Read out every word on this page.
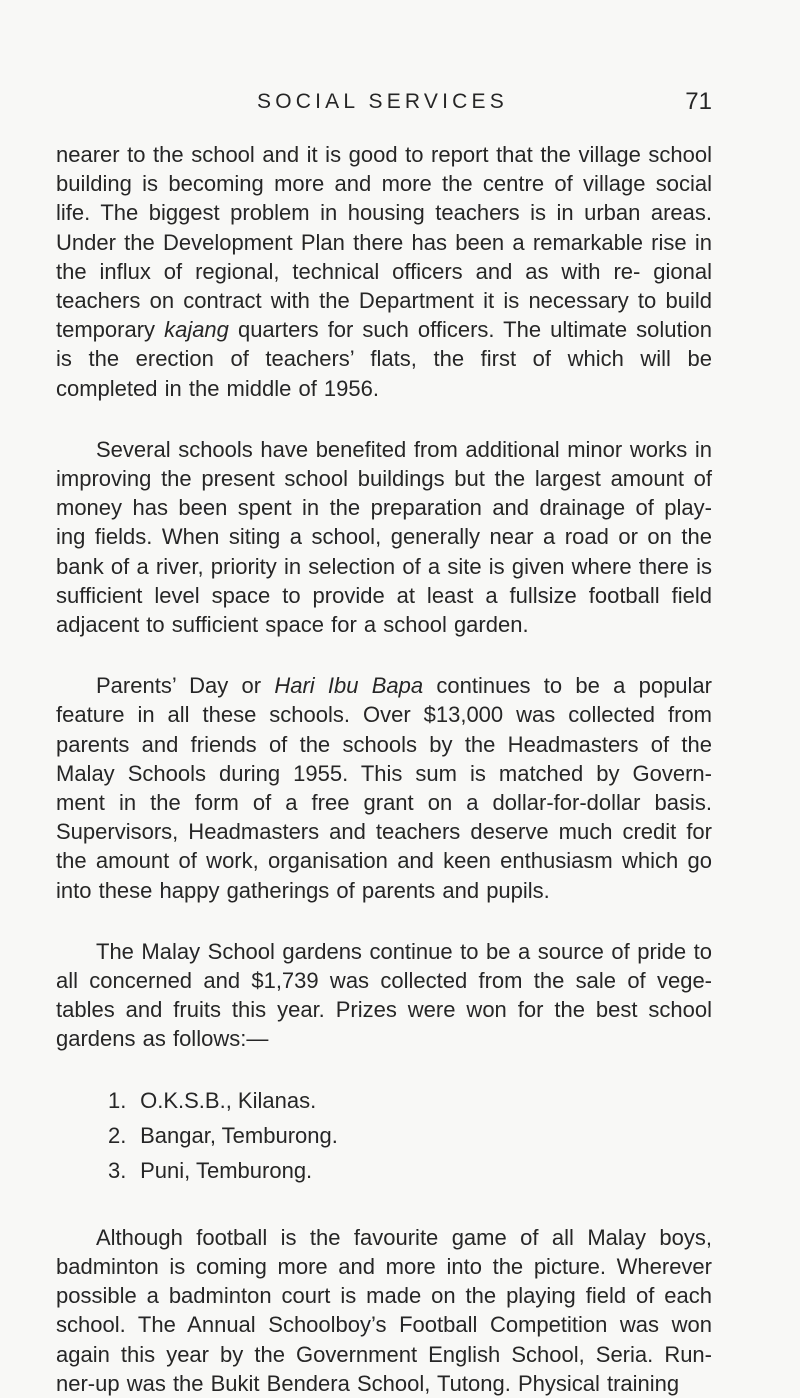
SOCIAL SERVICES	71

nearer to the school and it is good to report that the village school building is becoming more and more the centre of village social life. The biggest problem in housing teachers is in urban areas. Under the Development Plan there has been a remarkable rise in the influx of regional, technical officers and as with re- gional teachers on contract with the Department it is necessary to build temporary kajang quarters for such officers. The ultimate solution is the erection of teachers’ flats, the first of which will be completed in the middle of 1956.

Several schools have benefited from additional minor works in improving the present school buildings but the largest amount of money has been spent in the preparation and drainage of play- ing fields. When siting a school, generally near a road or on the bank of a river, priority in selection of a site is given where there is sufficient level space to provide at least a fullsize football field adjacent to sufficient space for a school garden.

Parents’ Day or Hari Ibu Bapa continues to be a popular feature in all these schools. Over $13,000 was collected from parents and friends of the schools by the Headmasters of the Malay Schools during 1955. This sum is matched by Govern- ment in the form of a free grant on a dollar-for-dollar basis. Supervisors, Headmasters and teachers deserve much credit for the amount of work, organisation and keen enthusiasm which go into these happy gatherings of parents and pupils.

The Malay School gardens continue to be a source of pride to all concerned and $1,739 was collected from the sale of vege- tables and fruits this year. Prizes were won for the best school gardens as follows:—

1. O.K.S.B., Kilanas.
2. Bangar, Temburong.
3. Puni, Temburong.

Although football is the favourite game of all Malay boys, badminton is coming more and more into the picture. Wherever possible a badminton court is made on the playing field of each school. The Annual Schoolboy’s Football Competition was won again this year by the Government English School, Seria. Run- ner-up was the Bukit Bendera School, Tutong. Physical training
